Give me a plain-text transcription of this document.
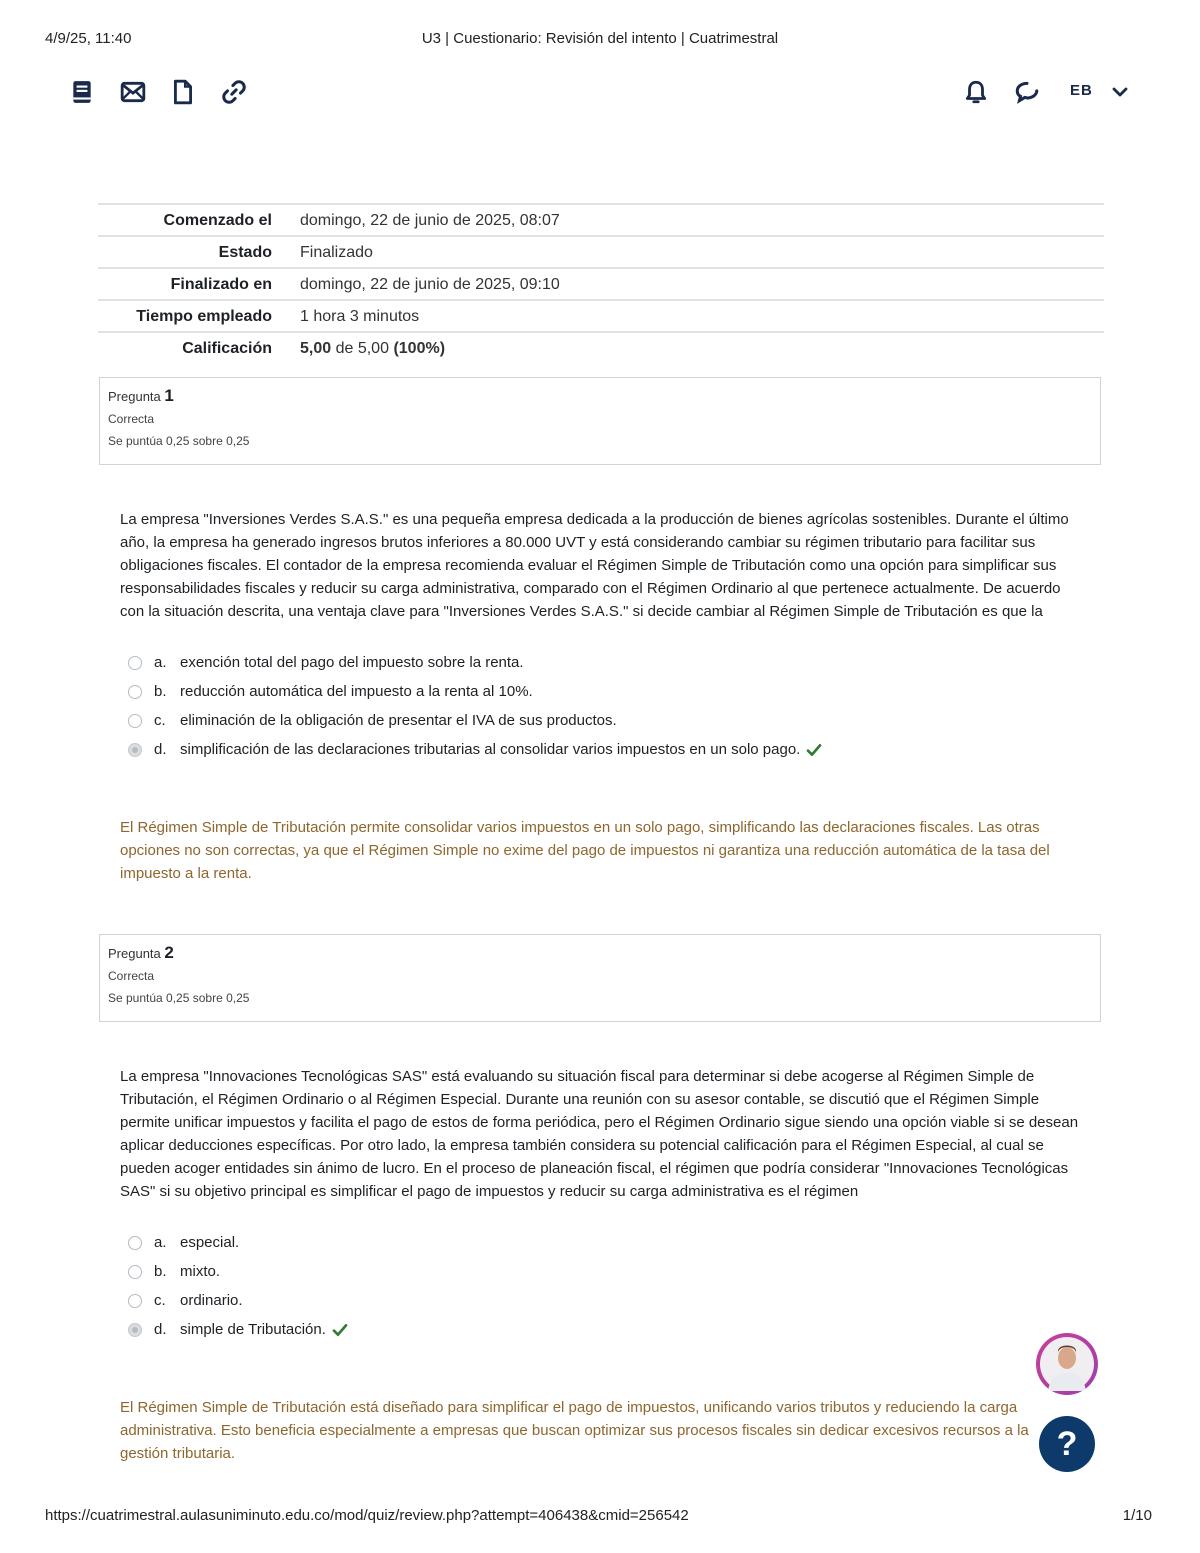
4/9/25, 11:40	U3 | Cuestionario: Revisión del intento | Cuatrimestral
EB
Comenzado el	domingo, 22 de junio de 2025, 08:07
Estado	Finalizado
Finalizado en	domingo, 22 de junio de 2025, 09:10
Tiempo empleado	1 hora 3 minutos
Calificación	5,00 de 5,00 (100%)
Pregunta 1
Correcta
Se puntúa 0,25 sobre 0,25
La empresa "Inversiones Verdes S.A.S." es una pequeña empresa dedicada a la producción de bienes agrícolas sostenibles. Durante el último año, la empresa ha generado ingresos brutos inferiores a 80.000 UVT y está considerando cambiar su régimen tributario para facilitar sus obligaciones fiscales. El contador de la empresa recomienda evaluar el Régimen Simple de Tributación como una opción para simplificar sus responsabilidades fiscales y reducir su carga administrativa, comparado con el Régimen Ordinario al que pertenece actualmente. De acuerdo con la situación descrita, una ventaja clave para "Inversiones Verdes S.A.S." si decide cambiar al Régimen Simple de Tributación es que la
a. exención total del pago del impuesto sobre la renta.
b. reducción automática del impuesto a la renta al 10%.
c. eliminación de la obligación de presentar el IVA de sus productos.
d. simplificación de las declaraciones tributarias al consolidar varios impuestos en un solo pago.
El Régimen Simple de Tributación permite consolidar varios impuestos en un solo pago, simplificando las declaraciones fiscales. Las otras opciones no son correctas, ya que el Régimen Simple no exime del pago de impuestos ni garantiza una reducción automática de la tasa del impuesto a la renta.
Pregunta 2
Correcta
Se puntúa 0,25 sobre 0,25
La empresa "Innovaciones Tecnológicas SAS" está evaluando su situación fiscal para determinar si debe acogerse al Régimen Simple de Tributación, el Régimen Ordinario o al Régimen Especial. Durante una reunión con su asesor contable, se discutió que el Régimen Simple permite unificar impuestos y facilita el pago de estos de forma periódica, pero el Régimen Ordinario sigue siendo una opción viable si se desean aplicar deducciones específicas. Por otro lado, la empresa también considera su potencial calificación para el Régimen Especial, al cual se pueden acoger entidades sin ánimo de lucro. En el proceso de planeación fiscal, el régimen que podría considerar "Innovaciones Tecnológicas SAS" si su objetivo principal es simplificar el pago de impuestos y reducir su carga administrativa es el régimen
a. especial.
b. mixto.
c. ordinario.
d. simple de Tributación.
El Régimen Simple de Tributación está diseñado para simplificar el pago de impuestos, unificando varios tributos y reduciendo la carga administrativa. Esto beneficia especialmente a empresas que buscan optimizar sus procesos fiscales sin dedicar excesivos recursos a la gestión tributaria.	?
https://cuatrimestral.aulasuniminuto.edu.co/mod/quiz/review.php?attempt=406438&cmid=256542	1/10
